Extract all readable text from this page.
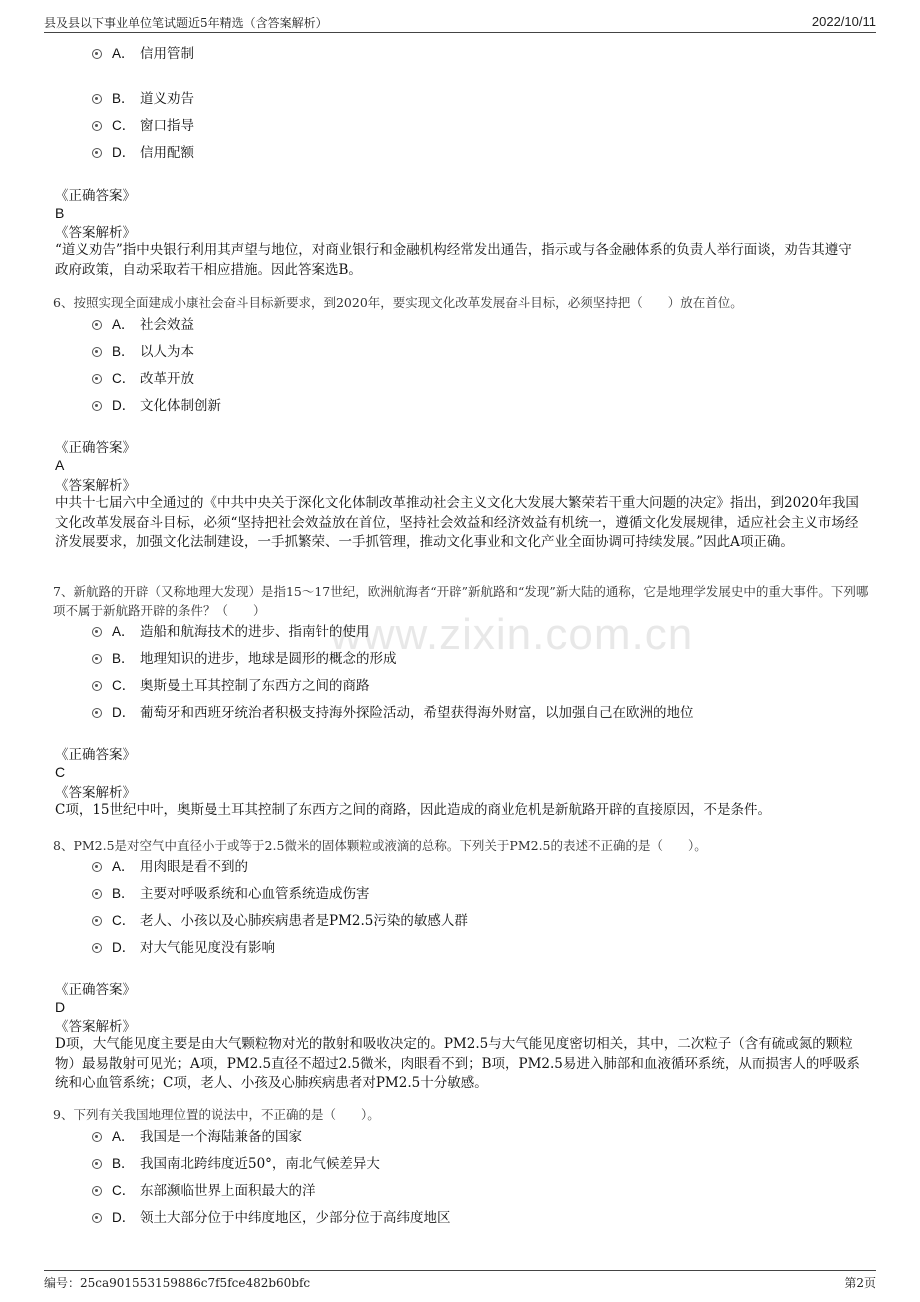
县及县以下事业单位笔试题近5年精选（含答案解析）	2022/10/11
www.zixin.com.cn
A． 信用管制
B． 道义劝告
C． 窗口指导
D． 信用配额
《正确答案》
B
《答案解析》
“道义劝告”指中央银行利用其声望与地位，对商业银行和金融机构经常发出通告，指示或与各金融体系的负责人举行面谈，劝告其遵守政府政策，自动采取若干相应措施。因此答案选B。
6、按照实现全面建成小康社会奋斗目标新要求，到2020年，要实现文化改革发展奋斗目标，必须坚持把（　　）放在首位。
A． 社会效益
B． 以人为本
C． 改革开放
D． 文化体制创新
《正确答案》
A
《答案解析》
中共十七届六中全通过的《中共中央关于深化文化体制改革推动社会主义文化大发展大繁荣若干重大问题的决定》指出，到2020年我国文化改革发展奋斗目标，必须“坚持把社会效益放在首位，坚持社会效益和经济效益有机统一，遵循文化发展规律，适应社会主义市场经济发展要求，加强文化法制建设，一手抓繁荣、一手抓管理，推动文化事业和文化产业全面协调可持续发展。”因此A项正确。
7、新航路的开辟（又称地理大发现）是指15～17世纪，欧洲航海者“开辟”新航路和“发现”新大陆的通称，它是地理学发展史中的重大事件。下列哪项不属于新航路开辟的条件？（　　）
A． 造船和航海技术的进步、指南针的使用
B． 地理知识的进步，地球是圆形的概念的形成
C． 奥斯曼土耳其控制了东西方之间的商路
D． 葡萄牙和西班牙统治者积极支持海外探险活动，希望获得海外财富，以加强自己在欧洲的地位
《正确答案》
C
《答案解析》
C项，15世纪中叶，奥斯曼土耳其控制了东西方之间的商路，因此造成的商业危机是新航路开辟的直接原因，不是条件。
8、PM2.5是对空气中直径小于或等于2.5微米的固体颗粒或液滴的总称。下列关于PM2.5的表述不正确的是（　　）。
A． 用肉眼是看不到的
B． 主要对呼吸系统和心血管系统造成伤害
C． 老人、小孩以及心肺疾病患者是PM2.5污染的敏感人群
D． 对大气能见度没有影响
《正确答案》
D
《答案解析》
D项，大气能见度主要是由大气颗粒物对光的散射和吸收决定的。PM2.5与大气能见度密切相关，其中，二次粒子（含有硫或氮的颗粒物）最易散射可见光；A项，PM2.5直径不超过2.5微米，肉眼看不到；B项，PM2.5易进入肺部和血液循环系统，从而损害人的呼吸系统和心血管系统；C项，老人、小孩及心肺疾病患者对PM2.5十分敏感。
9、下列有关我国地理位置的说法中，不正确的是（　　）。
A． 我国是一个海陆兼备的国家
B． 我国南北跨纬度近50°，南北气候差异大
C． 东部濒临世界上面积最大的洋
D． 领土大部分位于中纬度地区，少部分位于高纬度地区
编号：25ca901553159886c7f5fce482b60bfc	第2页
